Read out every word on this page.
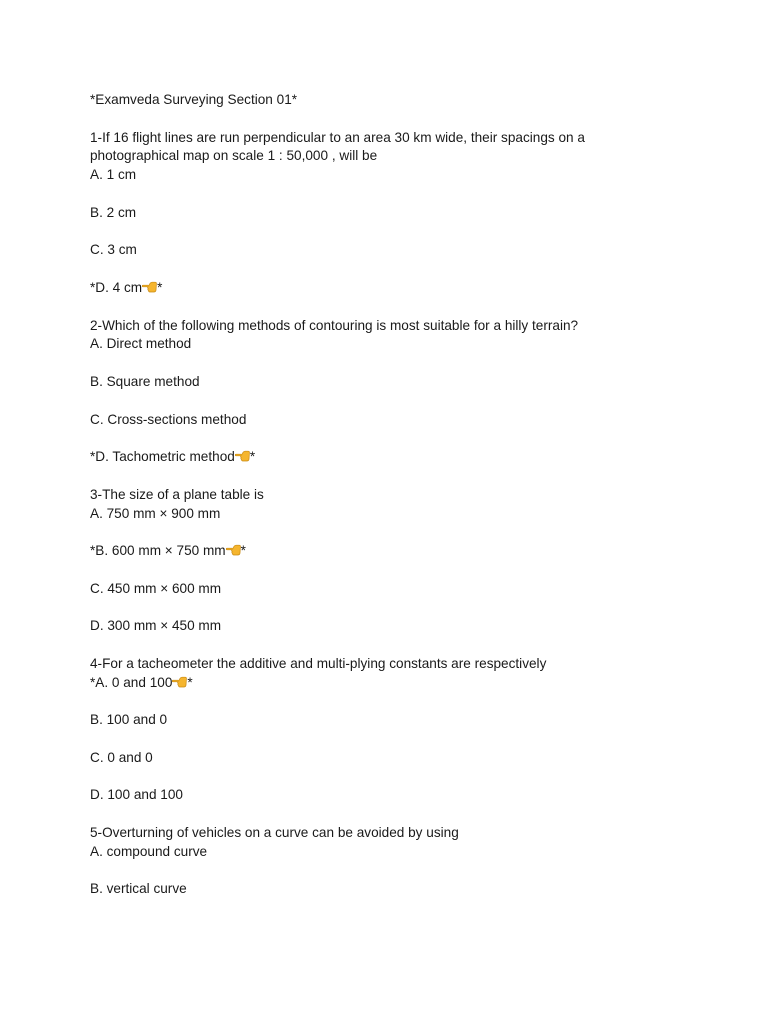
*Examveda Surveying Section 01*
1-If 16 flight lines are run perpendicular to an area 30 km wide, their spacings on a
photographical map on scale 1 : 50,000 , will be
A. 1 cm
B. 2 cm
C. 3 cm
*D. 4 cm *
2-Which of the following methods of contouring is most suitable for a hilly terrain?
A. Direct method
B. Square method
C. Cross-sections method
*D. Tachometric method *
3-The size of a plane table is
A. 750 mm × 900 mm
*B. 600 mm × 750 mm *
C. 450 mm × 600 mm
D. 300 mm × 450 mm
4-For a tacheometer the additive and multi-plying constants are respectively
*A. 0 and 100 *
B. 100 and 0
C. 0 and 0
D. 100 and 100
5-Overturning of vehicles on a curve can be avoided by using
A. compound curve
B. vertical curve
